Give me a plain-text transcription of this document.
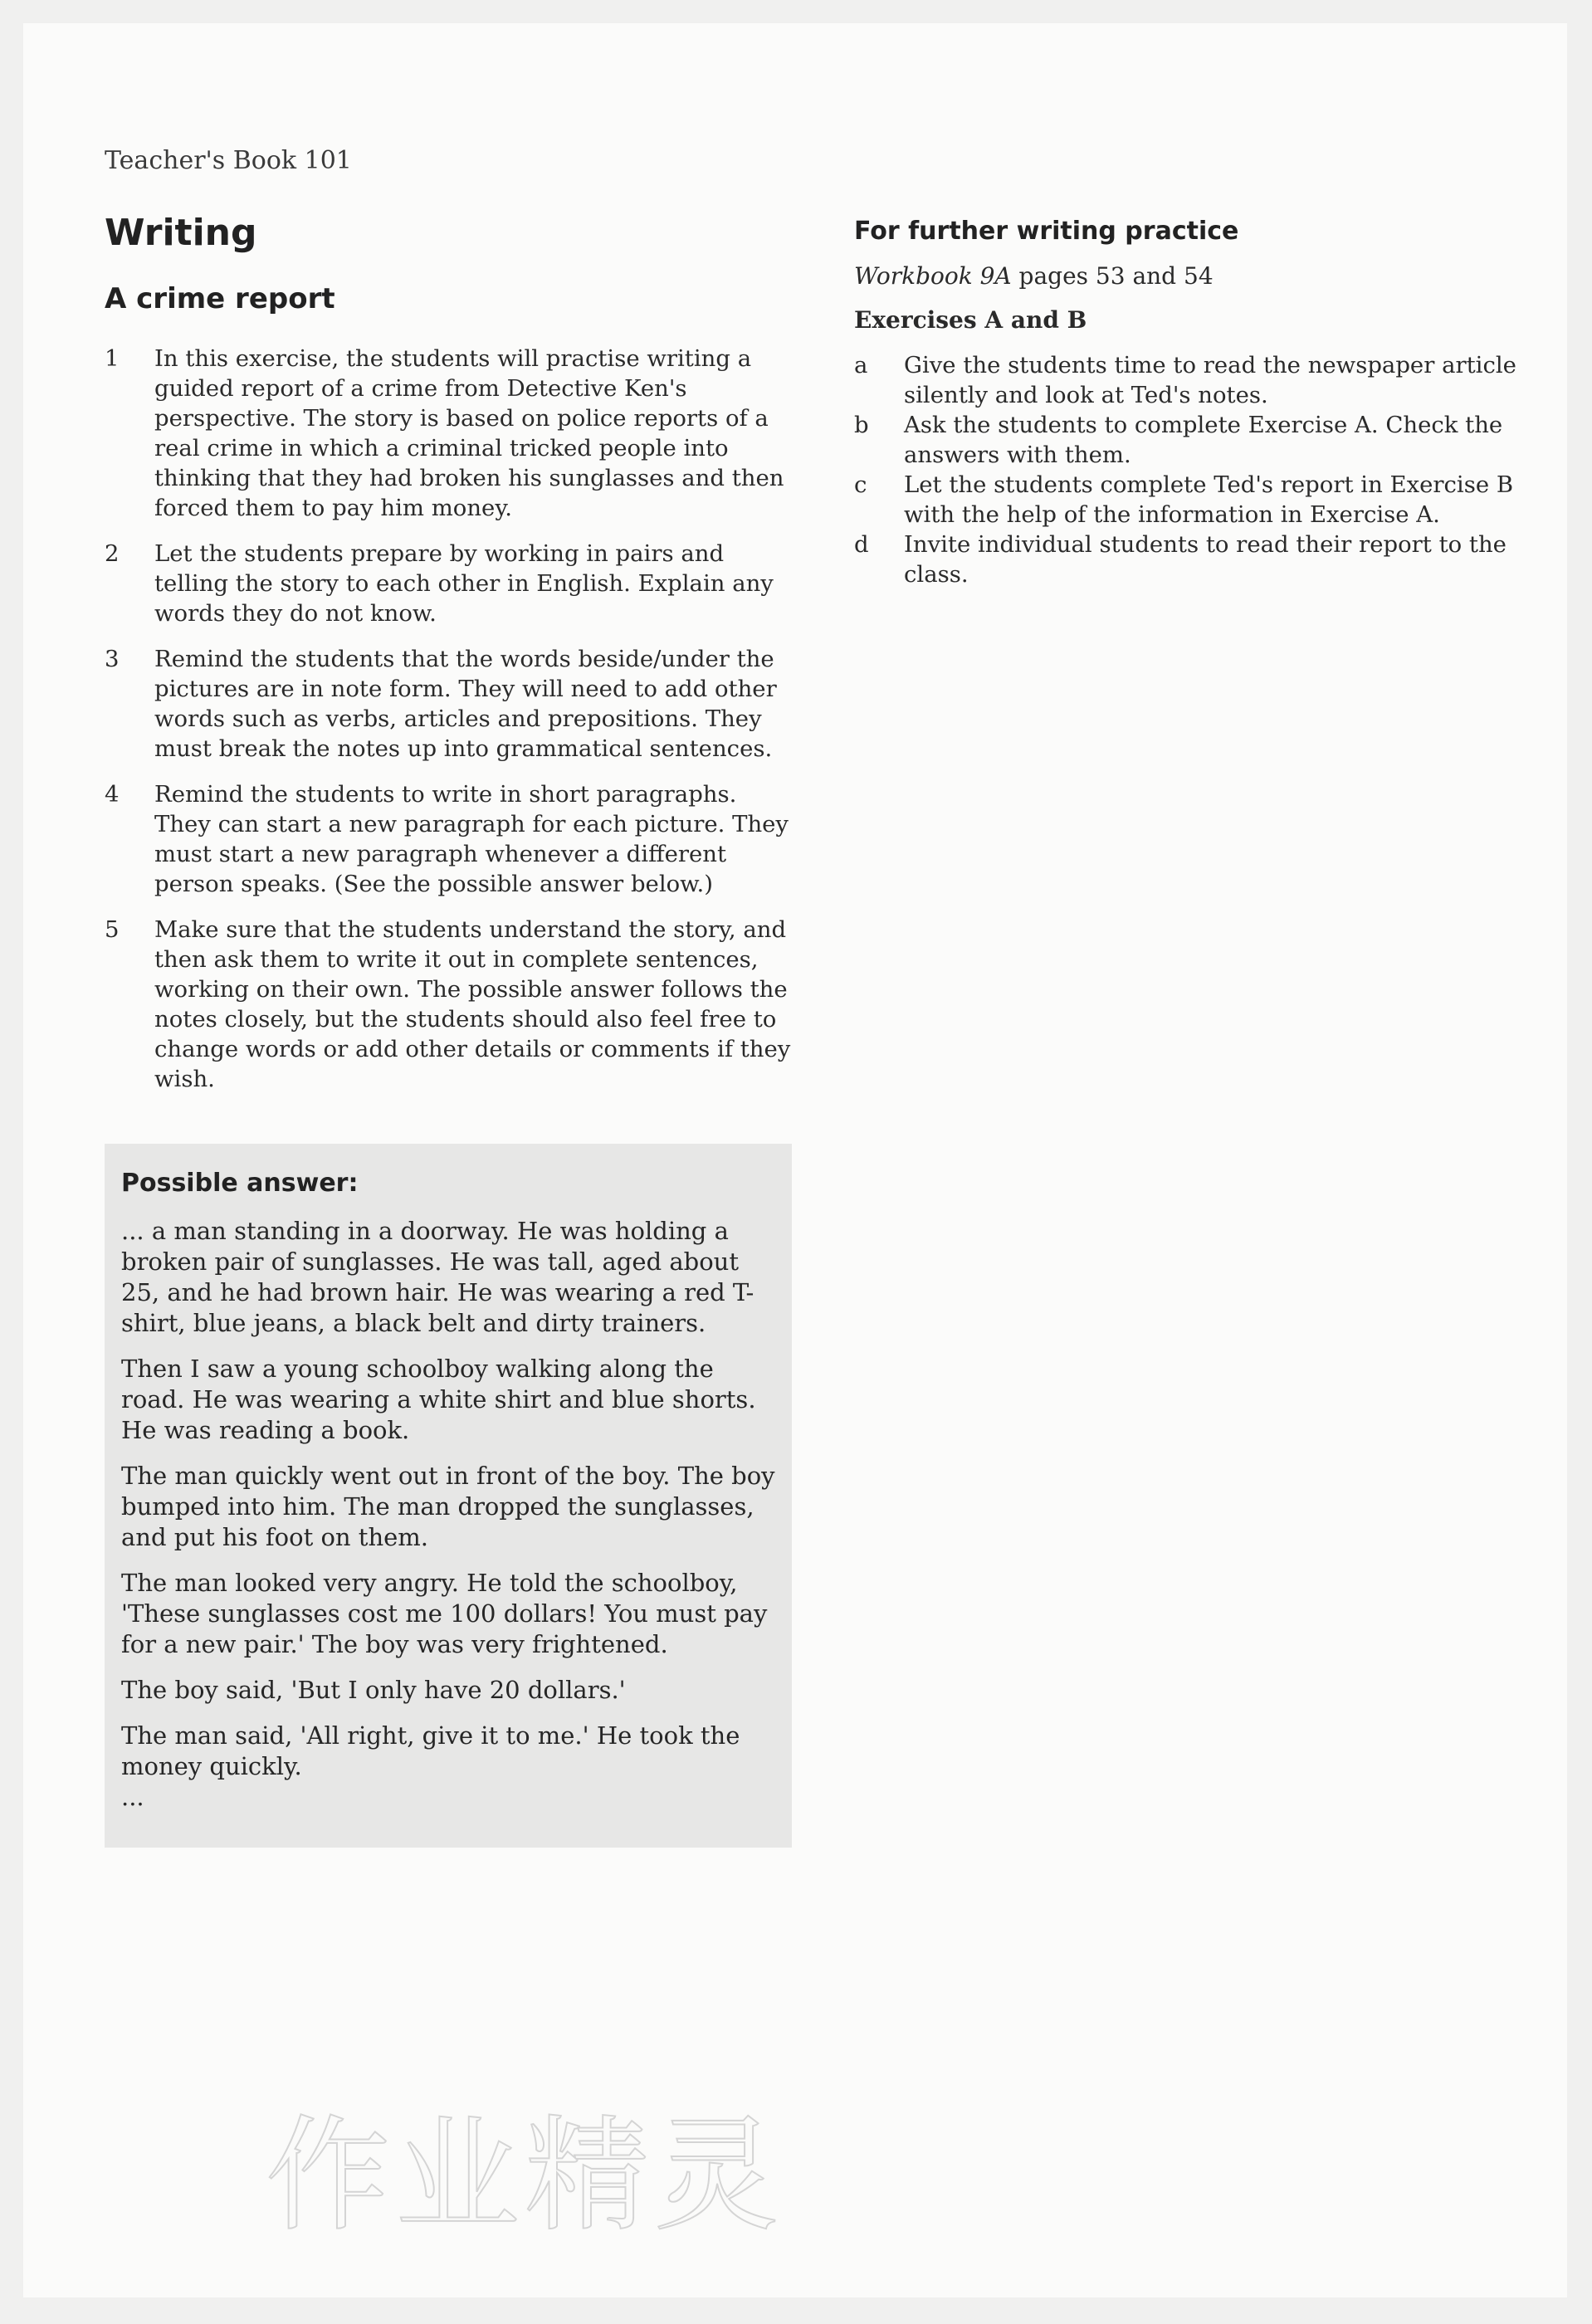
Teacher's Book 101
Writing
A crime report
1	In this exercise, the students will practise writing a guided report of a crime from Detective Ken's perspective. The story is based on police reports of a real crime in which a criminal tricked people into thinking that they had broken his sunglasses and then forced them to pay him money.
2	Let the students prepare by working in pairs and telling the story to each other in English. Explain any words they do not know.
3	Remind the students that the words beside/under the pictures are in note form. They will need to add other words such as verbs, articles and prepositions. They must break the notes up into grammatical sentences.
4	Remind the students to write in short paragraphs. They can start a new paragraph for each picture. They must start a new paragraph whenever a different person speaks. (See the possible answer below.)
5	Make sure that the students understand the story, and then ask them to write it out in complete sentences, working on their own. The possible answer follows the notes closely, but the students should also feel free to change words or add other details or comments if they wish.
Possible answer:

... a man standing in a doorway. He was holding a broken pair of sunglasses. He was tall, aged about 25, and he had brown hair. He was wearing a red T-shirt, blue jeans, a black belt and dirty trainers.

Then I saw a young schoolboy walking along the road. He was wearing a white shirt and blue shorts. He was reading a book.

The man quickly went out in front of the boy. The boy bumped into him. The man dropped the sunglasses, and put his foot on them.

The man looked very angry. He told the schoolboy, 'These sunglasses cost me 100 dollars! You must pay for a new pair.' The boy was very frightened.

The boy said, 'But I only have 20 dollars.'

The man said, 'All right, give it to me.' He took the money quickly.

...

For further writing practice
Workbook 9A pages 53 and 54
Exercises A and B
a	Give the students time to read the newspaper article silently and look at Ted's notes.
b	Ask the students to complete Exercise A. Check the answers with them.
c	Let the students complete Ted's report in Exercise B with the help of the information in Exercise A.
d	Invite individual students to read their report to the class.
作业精灵
